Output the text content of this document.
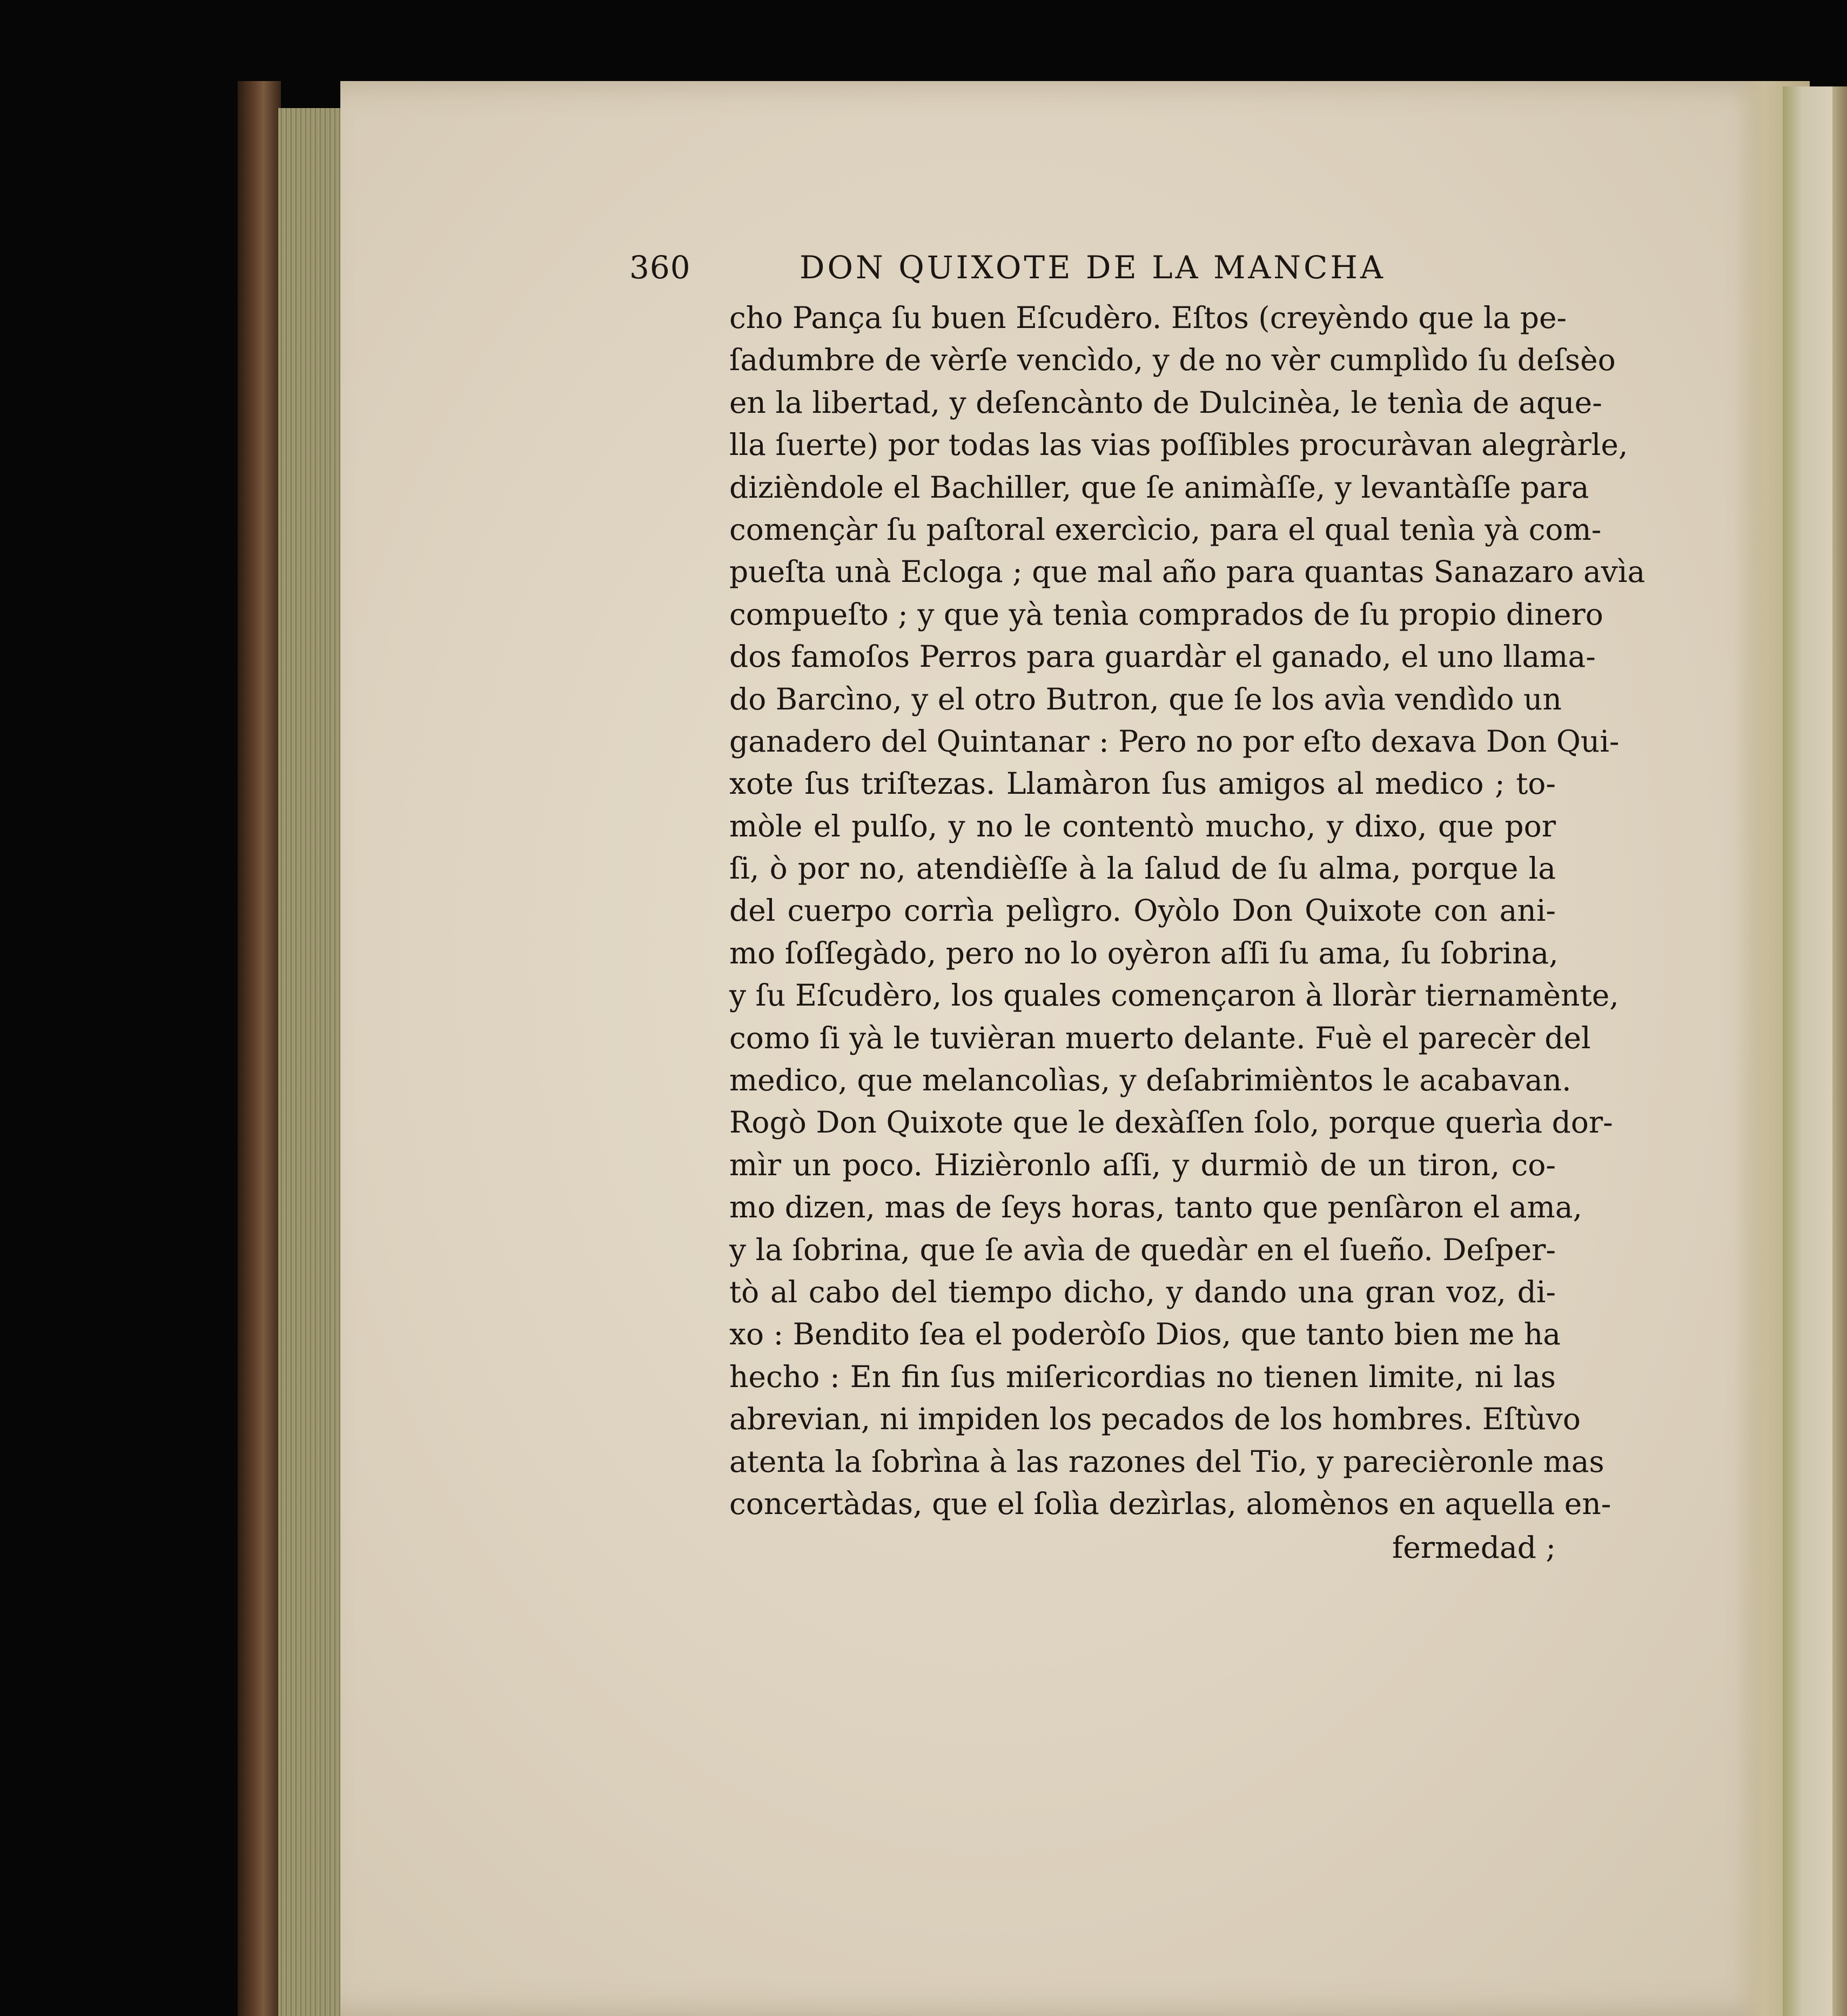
360	DON QUIXOTE DE LA MANCHA
cho Pança ſu buen Eſcudèro. Eſtos (creyèndo que la pe-
ſadumbre de vèrſe vencìdo, y de no vèr cumplìdo ſu deſsèo
en la libertad, y deſencànto de Dulcinèa, le tenìa de aque-
lla ſuerte) por todas las vias poſſibles procuràvan alegràrle,
dizièndole el Bachiller, que ſe animàſſe, y levantàſſe para
començàr ſu paſtoral exercìcio, para el qual tenìa yà com-
pueſta unà Ecloga ; que mal año para quantas Sanazaro avìa
compueſto ; y que yà tenìa comprados de ſu propio dinero
dos famoſos Perros para guardàr el ganado, el uno llama-
do Barcìno, y el otro Butron, que ſe los avìa vendìdo un
ganadero del Quintanar : Pero no por eſto dexava Don Qui-
xote ſus triſtezas. Llamàron ſus amigos al medico ; to-
mòle el pulſo, y no le contentò mucho, y dixo, que por
ſi, ò por no, atendièſſe à la ſalud de ſu alma, porque la
del cuerpo corrìa pelìgro. Oyòlo Don Quixote con ani-
mo ſoſſegàdo, pero no lo oyèron aſſi ſu ama, ſu ſobrina,
y ſu Eſcudèro, los quales començaron à lloràr tiernamènte,
como ſi yà le tuvièran muerto delante. Fuè el parecèr del
medico, que melancolìas, y deſabrimièntos le acabavan.
Rogò Don Quixote que le dexàſſen ſolo, porque querìa dor-
mìr un poco. Hizièronlo aſſi, y durmiò de un tiron, co-
mo dizen, mas de ſeys horas, tanto que penſàron el ama,
y la ſobrina, que ſe avìa de quedàr en el ſueño. Deſper-
tò al cabo del tiempo dicho, y dando una gran voz, di-
xo : Bendito ſea el poderòſo Dios, que tanto bien me ha
hecho : En fin ſus miſericordias no tienen limite, ni las
abrevian, ni impiden los pecados de los hombres. Eſtùvo
atenta la ſobrìna à las razones del Tio, y parecièronle mas
concertàdas, que el ſolìa dezìrlas, alomènos en aquella en-
fermedad ;
